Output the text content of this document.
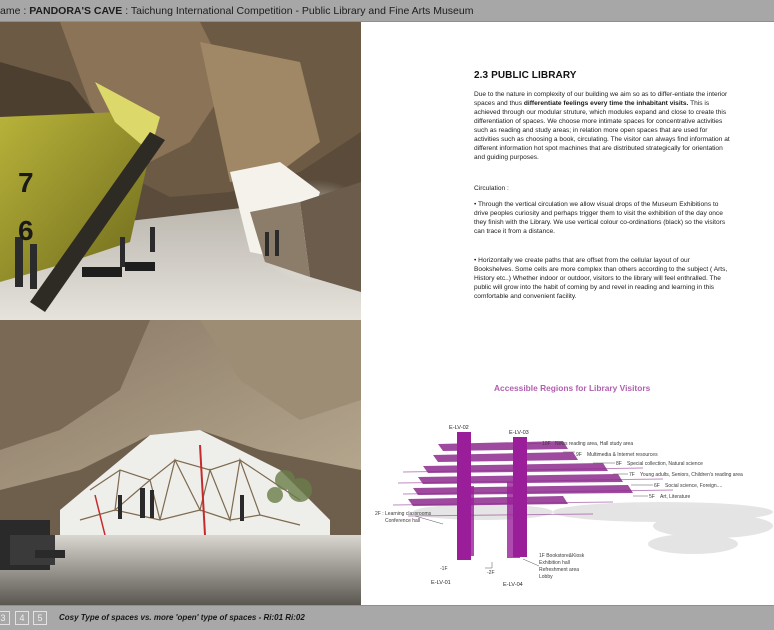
ame : PANDORA'S CAVE : Taichung International Competition - Public Library and Fine Arts Museum
7
6
2.3 PUBLIC LIBRARY
Due to the nature in complexity of our building we aim so as to differ-entiate the interior spaces and thus differentiate feelings every time the inhabitant visits. This is achieved through our modular struture, which modules expand and close to create this differentiation of spaces. We choose more intimate spaces for concentrative activities such as reading and study areas; in relation more open spaces that are used for activities such as choosing a book, circulating. The visitor can always find information at different information hot spot machines that are distributed strategically for orientation and guiding purposes.
Circulation :
• Through the vertical circulation we allow visual drops of the Museum Exhibitions to drive peoples curiosity and perhaps trigger them to visit the exhibition of the day once they finish with the Library. We use vertical colour co-ordinations (black) so the visitors can trace it from a distance.
• Horizontally we create paths that are offset from the cellular layout of our Bookshelves. Some cells are more complex than others according to the subject ( Arts, History etc..) Whether indoor or outdoor, visitors to the library will feel enthralled. The public will grow into the habit of coming by and revel in reading and learning in this comfortable and convenient facility.
Accessible Regions for Library Visitors
E-LV-02
E-LV-03
E-LV-01	E-LV-04
10F News reading area, Hall study area
9F Multimedia & Internet resources
8F Special collection, Natural science
7F Young adults, Seniors, Children's reading area
6F Social science, Foreign....
5F Art, Literature
2F : Learning classrooms
Conference hall
1F Bookstore&Kiosk
Exhibition hall
Refreshment area
Lobby
-1F
-2F
3	4	5	Cosy Type of spaces vs. more 'open' type of spaces - Ri:01 Ri:02
